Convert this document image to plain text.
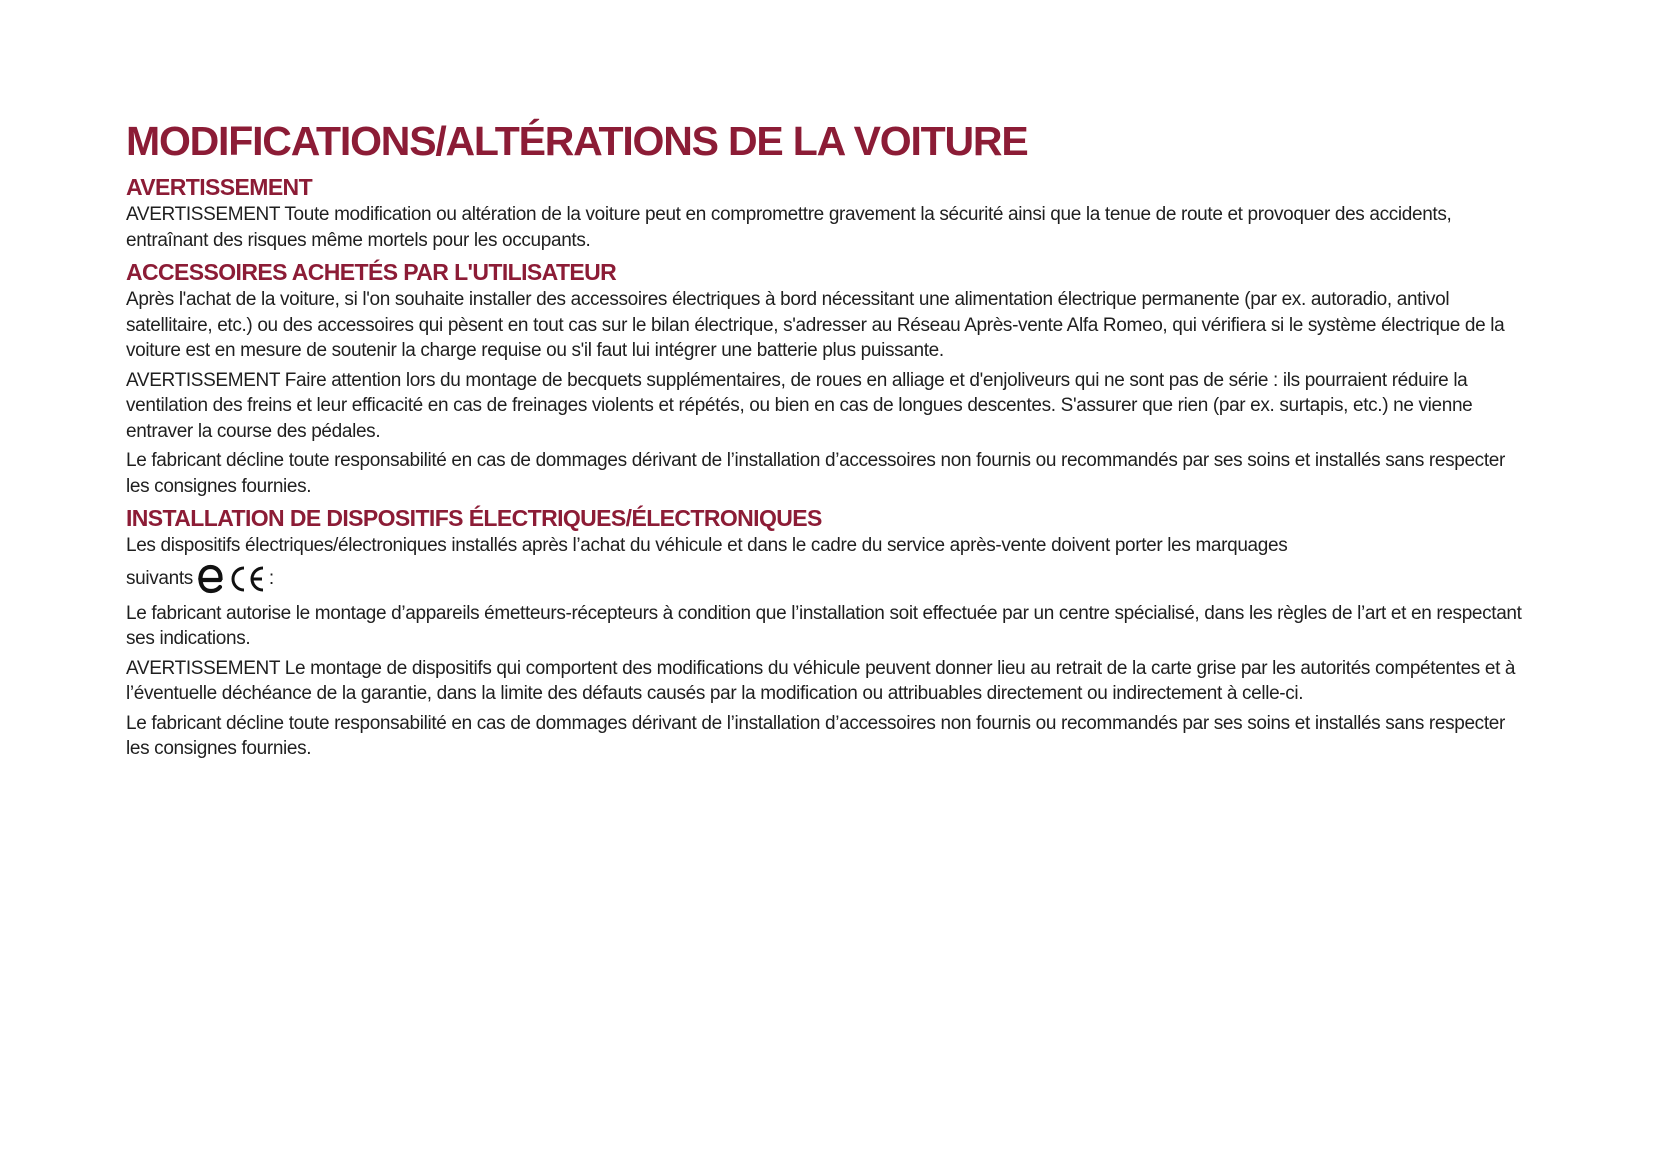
MODIFICATIONS/ALTÉRATIONS DE LA VOITURE
AVERTISSEMENT

AVERTISSEMENT Toute modification ou altération de la voiture peut en compromettre gravement la sécurité ainsi que la tenue de route et provoquer des accidents, entraînant des risques même mortels pour les occupants.

ACCESSOIRES ACHETÉS PAR L'UTILISATEUR

Après l'achat de la voiture, si l'on souhaite installer des accessoires électriques à bord nécessitant une alimentation électrique permanente (par ex. autoradio, antivol satellitaire, etc.) ou des accessoires qui pèsent en tout cas sur le bilan électrique, s'adresser au Réseau Après-vente Alfa Romeo, qui vérifiera si le système électrique de la voiture est en mesure de soutenir la charge requise ou s'il faut lui intégrer une batterie plus puissante.

AVERTISSEMENT Faire attention lors du montage de becquets supplémentaires, de roues en alliage et d'enjoliveurs qui ne sont pas de série : ils pourraient réduire la ventilation des freins et leur efficacité en cas de freinages violents et répétés, ou bien en cas de longues descentes. S'assurer que rien (par ex. surtapis, etc.) ne vienne entraver la course des pédales.

Le fabricant décline toute responsabilité en cas de dommages dérivant de l’installation d’accessoires non fournis ou recommandés par ses soins et installés sans respecter les consignes fournies.

INSTALLATION DE DISPOSITIFS ÉLECTRIQUES/ÉLECTRONIQUES

Les dispositifs électriques/électroniques installés après l’achat du véhicule et dans le cadre du service après-vente doivent porter les marquages

suivants	:

Le fabricant autorise le montage d’appareils émetteurs-récepteurs à condition que l’installation soit effectuée par un centre spécialisé, dans les règles de l’art et en respectant ses indications.

AVERTISSEMENT Le montage de dispositifs qui comportent des modifications du véhicule peuvent donner lieu au retrait de la carte grise par les autorités compétentes et à l’éventuelle déchéance de la garantie, dans la limite des défauts causés par la modification ou attribuables directement ou indirectement à celle-ci.

Le fabricant décline toute responsabilité en cas de dommages dérivant de l’installation d’accessoires non fournis ou recommandés par ses soins et installés sans respecter les consignes fournies.
